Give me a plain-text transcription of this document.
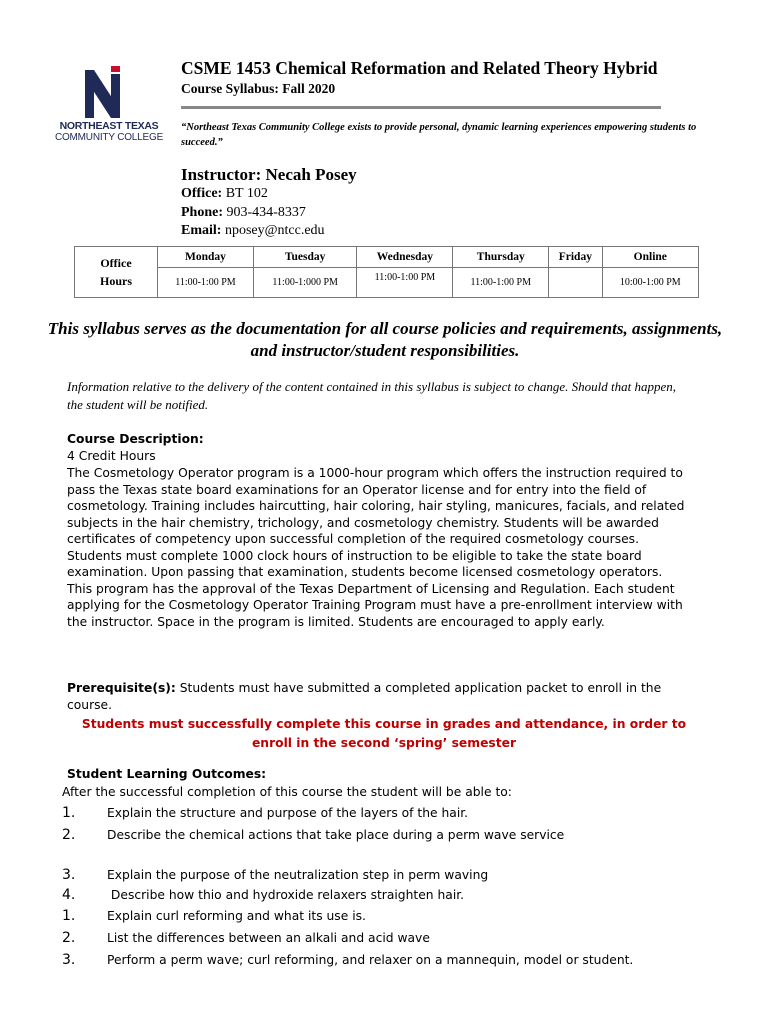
NORTHEAST TEXAS
COMMUNITY COLLEGE
CSME 1453 Chemical Reformation and Related Theory Hybrid
Course Syllabus: Fall 2020
“Northeast Texas Community College exists to provide personal, dynamic learning experiences empowering students to succeed.”
Instructor: Necah Posey
Office: BT 102
Phone: 903-434-8337
Email: nposey@ntcc.edu
Office
Hours	Monday	Tuesday	Wednesday	Thursday	Friday	Online
	11:00-1:00 PM	11:00-1:000 PM	11:00-1:00 PM	11:00-1:00 PM		10:00-1:00 PM
This syllabus serves as the documentation for all course policies and requirements, assignments, and instructor/student responsibilities.
Information relative to the delivery of the content contained in this syllabus is subject to change. Should that happen, the student will be notified.
Course Description:
4 Credit Hours
The Cosmetology Operator program is a 1000-hour program which offers the instruction required to pass the Texas state board examinations for an Operator license and for entry into the field of cosmetology. Training includes haircutting, hair coloring, hair styling, manicures, facials, and related subjects in the hair chemistry, trichology, and cosmetology chemistry. Students will be awarded certificates of competency upon successful completion of the required cosmetology courses. Students must complete 1000 clock hours of instruction to be eligible to take the state board examination. Upon passing that examination, students become licensed cosmetology operators. This program has the approval of the Texas Department of Licensing and Regulation. Each student applying for the Cosmetology Operator Training Program must have a pre-enrollment interview with the instructor. Space in the program is limited. Students are encouraged to apply early.
Prerequisite(s): Students must have submitted a completed application packet to enroll in the course.
Students must successfully complete this course in grades and attendance, in order to enroll in the second ‘spring’ semester
Student Learning Outcomes:
After the successful completion of this course the student will be able to:
1.	Explain the structure and purpose of the layers of the hair.
2.	Describe the chemical actions that take place during a perm wave service
3.	Explain the purpose of the neutralization step in perm waving
4.	Describe how thio and hydroxide relaxers straighten hair.
1.	Explain curl reforming and what its use is.
2.	List the differences between an alkali and acid wave
3.	Perform a perm wave; curl reforming, and relaxer on a mannequin, model or student.
